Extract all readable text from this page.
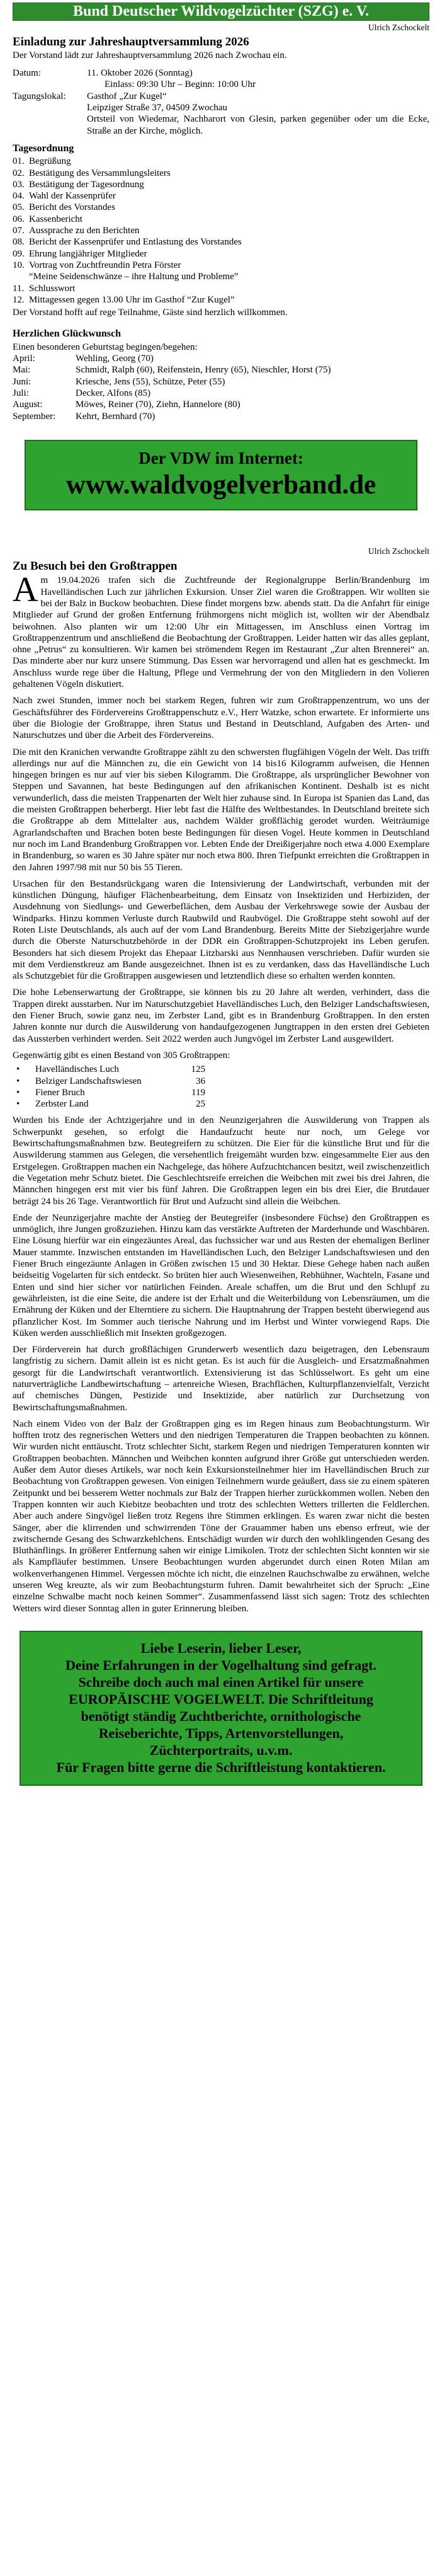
Bund Deutscher Wildvogelzüchter (SZG) e. V.
Ulrich Zschockelt
Einladung zur Jahreshauptversammlung 2026

Der Vorstand lädt zur Jahreshauptversammlung 2026 nach Zwochau ein.

Datum:	11. Oktober 2026 (Sonntag)
Einlass: 09:30 Uhr – Beginn: 10:00 Uhr
Tagungslokal:	Gasthof „Zur Kugel“
Leipziger Straße 37, 04509 Zwochau
Ortsteil von Wiedemar, Nachbarort von Glesin, parken gegenüber oder um die Ecke, Straße an der Kirche, möglich.
Tagesordnung
01. Begrüßung
02. Bestätigung des Versammlungsleiters
03. Bestätigung der Tagesordnung
04. Wahl der Kassenprüfer
05. Bericht des Vorstandes
06. Kassenbericht
07. Aussprache zu den Berichten
08. Bericht der Kassenprüfer und Entlastung des Vorstandes
09. Ehrung langjähriger Mitglieder
10. Vortrag von Zuchtfreundin Petra Förster
“Meine Seidenschwänze – ihre Haltung und Probleme”
11. Schlusswort
12. Mittagessen gegen 13.00 Uhr im Gasthof “Zur Kugel”

Der Vorstand hofft auf rege Teilnahme, Gäste sind herzlich willkommen.

Herzlichen Glückwunsch

Einen besonderen Geburtstag begingen/begehen:

April:	Wehling, Georg (70)
Mai:	Schmidt, Ralph (60), Reifenstein, Henry (65), Nieschler, Horst (75)
Juni:	Kriesche, Jens (55), Schütze, Peter (55)
Juli:	Decker, Alfons (85)
August:	Möwes, Reiner (70), Ziehn, Hannelore (80)
September:	Kehrt, Bernhard (70)
Der VDW im Internet:
www.waldvogelverband.de
Ulrich Zschockelt
Zu Besuch bei den Großtrappen

Am 19.04.2026 trafen sich die Zuchtfreunde der Regionalgruppe Berlin/Brandenburg im Havelländischen Luch zur jährlichen Exkursion. Unser Ziel waren die Großtrappen. Wir wollten sie bei der Balz in Buckow beobachten. Diese findet morgens bzw. abends statt. Da die Anfahrt für einige Mitglieder auf Grund der großen Entfernung frühmorgens nicht möglich ist, wollten wir der Abendbalz beiwohnen. Also planten wir um 12:00 Uhr ein Mittagessen, im Anschluss einen Vortrag im Großtrappenzentrum und anschließend die Beobachtung der Großtrappen. Leider hatten wir das alles geplant, ohne „Petrus“ zu konsultieren. Wir kamen bei strömendem Regen im Restaurant „Zur alten Brennerei“ an. Das minderte aber nur kurz unsere Stimmung. Das Essen war hervorragend und allen hat es geschmeckt. Im Anschluss wurde rege über die Haltung, Pflege und Vermehrung der von den Mitgliedern in den Volieren gehaltenen Vögeln diskutiert.

Nach zwei Stunden, immer noch bei starkem Regen, fuhren wir zum Großtrappenzentrum, wo uns der Geschäftsführer des Fördervereins Großtrappenschutz e.V., Herr Watzke, schon erwartete. Er informierte uns über die Biologie der Großtrappe, ihren Status und Bestand in Deutschland, Aufgaben des Arten- und Naturschutzes und über die Arbeit des Fördervereins.

Die mit den Kranichen verwandte Großtrappe zählt zu den schwersten flugfähigen Vögeln der Welt. Das trifft allerdings nur auf die Männchen zu, die ein Gewicht von 14 bis16 Kilogramm aufweisen, die Hennen hingegen bringen es nur auf vier bis sieben Kilogramm. Die Großtrappe, als ursprünglicher Bewohner von Steppen und Savannen, hat beste Bedingungen auf den afrikanischen Kontinent. Deshalb ist es nicht verwunderlich, dass die meisten Trappenarten der Welt hier zuhause sind. In Europa ist Spanien das Land, das die meisten Großtrappen beherbergt. Hier lebt fast die Hälfte des Weltbestandes. In Deutschland breitete sich die Großtrappe ab dem Mittelalter aus, nachdem Wälder großflächig gerodet wurden. Weiträumige Agrarlandschaften und Brachen boten beste Bedingungen für diesen Vogel. Heute kommen in Deutschland nur noch im Land Brandenburg Großtrappen vor. Lebten Ende der Dreißigerjahre noch etwa 4.000 Exemplare in Brandenburg, so waren es 30 Jahre später nur noch etwa 800. Ihren Tiefpunkt erreichten die Großtrappen in den Jahren 1997/98 mit nur 50 bis 55 Tieren.

Ursachen für den Bestandsrückgang waren die Intensivierung der Landwirtschaft, verbunden mit der künstlichen Düngung, häufiger Flächenbearbeitung, dem Einsatz von Insektiziden und Herbiziden, der Ausdehnung von Siedlungs- und Gewerbeflächen, dem Ausbau der Verkehrswege sowie der Ausbau der Windparks. Hinzu kommen Verluste durch Raubwild und Raubvögel. Die Großtrappe steht sowohl auf der Roten Liste Deutschlands, als auch auf der vom Land Brandenburg. Bereits Mitte der Siebzigerjahre wurde durch die Oberste Naturschutzbehörde in der DDR ein Großtrappen-Schutzprojekt ins Leben gerufen. Besonders hat sich diesem Projekt das Ehepaar Litzbarski aus Nennhausen verschrieben. Dafür wurden sie mit dem Verdienstkreuz am Bande ausgezeichnet. Ihnen ist es zu verdanken, dass das Havelländische Luch als Schutzgebiet für die Großtrappen ausgewiesen und letztendlich diese so erhalten werden konnten.

Die hohe Lebenserwartung der Großtrappe, sie können bis zu 20 Jahre alt werden, verhindert, dass die Trappen direkt ausstarben. Nur im Naturschutzgebiet Havelländisches Luch, den Belziger Landschaftswiesen, den Fiener Bruch, sowie ganz neu, im Zerbster Land, gibt es in Brandenburg Großtrappen. In den ersten Jahren konnte nur durch die Auswilderung von handaufgezogenen Jungtrappen in den ersten drei Gebieten das Aussterben verhindert werden. Seit 2022 werden auch Jungvögel im Zerbster Land ausgewildert.

Gegenwärtig gibt es einen Bestand von 305 Großtrappen:

•	Havelländisches Luch	125
•	Belziger Landschaftswiesen	36
•	Fiener Bruch	119
•	Zerbster Land	25

Wurden bis Ende der Achtzigerjahre und in den Neunzigerjahren die Auswilderung von Trappen als Schwerpunkt gesehen, so erfolgt die Handaufzucht heute nur noch, um Gelege vor Bewirtschaftungsmaßnahmen bzw. Beutegreifern zu schützen. Die Eier für die künstliche Brut und für die Auswilderung stammen aus Gelegen, die versehentlich freigemäht wurden bzw. eingesammelte Eier aus den Erstgelegen. Großtrappen machen ein Nachgelege, das höhere Aufzuchtchancen besitzt, weil zwischenzeitlich die Vegetation mehr Schutz bietet. Die Geschlechtsreife erreichen die Weibchen mit zwei bis drei Jahren, die Männchen hingegen erst mit vier bis fünf Jahren. Die Großtrappen legen ein bis drei Eier, die Brutdauer beträgt 24 bis 26 Tage. Verantwortlich für Brut und Aufzucht sind allein die Weibchen.

Ende der Neunzigerjahre machte der Anstieg der Beutegreifer (insbesondere Füchse) den Großtrappen es unmöglich, ihre Jungen großzuziehen. Hinzu kam das verstärkte Auftreten der Marderhunde und Waschbären. Eine Lösung hierfür war ein eingezäuntes Areal, das fuchssicher war und aus Resten der ehemaligen Berliner Mauer stammte. Inzwischen entstanden im Havelländischen Luch, den Belziger Landschaftswiesen und den Fiener Bruch eingezäunte Anlagen in Größen zwischen 15 und 30 Hektar. Diese Gehege haben nach außen beidseitig Vogelarten für sich entdeckt. So brüten hier auch Wiesenweihen, Rebhühner, Wachteln, Fasane und Enten und sind hier sicher vor natürlichen Feinden. Areale schaffen, um die Brut und den Schlupf zu gewährleisten, ist die eine Seite, die andere ist der Erhalt und die Weiterbildung von Lebensräumen, um die Ernährung der Küken und der Elterntiere zu sichern. Die Hauptnahrung der Trappen besteht überwiegend aus pflanzlicher Kost. Im Sommer auch tierische Nahrung und im Herbst und Winter vorwiegend Raps. Die Küken werden ausschließlich mit Insekten großgezogen.

Der Förderverein hat durch großflächigen Grunderwerb wesentlich dazu beigetragen, den Lebensraum langfristig zu sichern. Damit allein ist es nicht getan. Es ist auch für die Ausgleich- und Ersatzmaßnahmen gesorgt für die Landwirtschaft verantwortlich. Extensivierung ist das Schlüsselwort. Es geht um eine naturverträgliche Landbewirtschaftung – artenreiche Wiesen, Brachflächen, Kulturpflanzenvielfalt, Verzicht auf chemisches Düngen, Pestizide und Insektizide, aber natürlich zur Durchsetzung von Bewirtschaftungsmaßnahmen.

Nach einem Video von der Balz der Großtrappen ging es im Regen hinaus zum Beobachtungsturm. Wir hofften trotz des regnerischen Wetters und den niedrigen Temperaturen die Trappen beobachten zu können. Wir wurden nicht enttäuscht. Trotz schlechter Sicht, starkem Regen und niedrigen Temperaturen konnten wir Großtrappen beobachten. Männchen und Weibchen konnten aufgrund ihrer Größe gut unterschieden werden. Außer dem Autor dieses Artikels, war noch kein Exkursionsteilnehmer hier im Havelländischen Bruch zur Beobachtung von Großtrappen gewesen. Von einigen Teilnehmern wurde geäußert, dass sie zu einem späteren Zeitpunkt und bei besserem Wetter nochmals zur Balz der Trappen hierher zurückkommen wollen. Neben den Trappen konnten wir auch Kiebitze beobachten und trotz des schlechten Wetters trillerten die Feldlerchen. Aber auch andere Singvögel ließen trotz Regens ihre Stimmen erklingen. Es waren zwar nicht die besten Sänger, aber die klirrenden und schwirrenden Töne der Grauammer haben uns ebenso erfreut, wie der zwitschernde Gesang des Schwarzkehlchens. Entschädigt wurden wir durch den wohlklingenden Gesang des Bluthänflings. In größerer Entfernung sahen wir einige Limikolen. Trotz der schlechten Sicht konnten wir sie als Kampfläufer bestimmen. Unsere Beobachtungen wurden abgerundet durch einen Roten Milan am wolkenverhangenen Himmel. Vergessen möchte ich nicht, die einzelnen Rauchschwalbe zu erwähnen, welche unseren Weg kreuzte, als wir zum Beobachtungsturm fuhren. Damit bewahrheitet sich der Spruch: „Eine einzelne Schwalbe macht noch keinen Sommer“. Zusammenfassend lässt sich sagen: Trotz des schlechten Wetters wird dieser Sonntag allen in guter Erinnerung bleiben.

Liebe Leserin, lieber Leser,
Deine Erfahrungen in der Vogelhaltung sind gefragt.
Schreibe doch auch mal einen Artikel für unsere
EUROPÄISCHE VOGELWELT. Die Schriftleitung
benötigt ständig Zuchtberichte, ornithologische
Reiseberichte, Tipps, Artenvorstellungen,
Züchterportraits, u.v.m.
Für Fragen bitte gerne die Schriftleistung kontaktieren.
